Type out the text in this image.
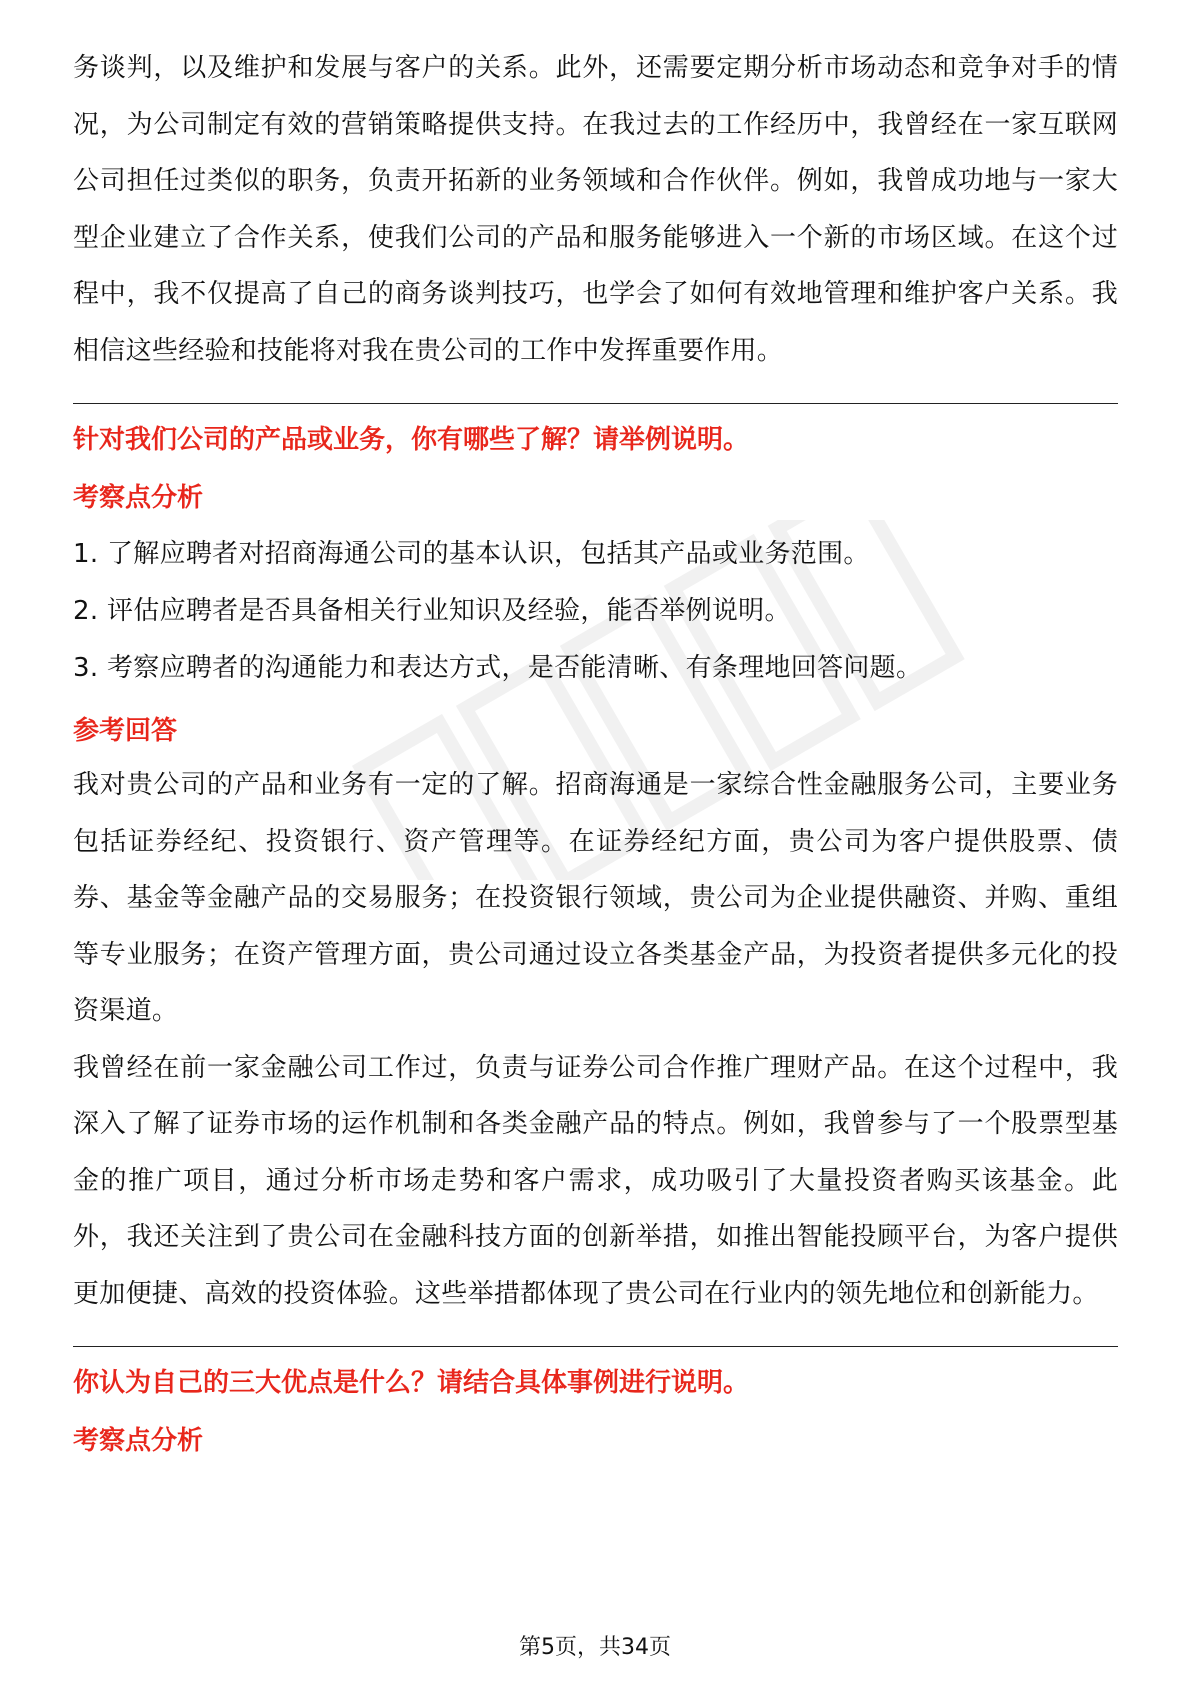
务谈判，以及维护和发展与客户的关系。此外，还需要定期分析市场动态和竞争对手的情况，为公司制定有效的营销策略提供支持。在我过去的工作经历中，我曾经在一家互联网公司担任过类似的职务，负责开拓新的业务领域和合作伙伴。例如，我曾成功地与一家大型企业建立了合作关系，使我们公司的产品和服务能够进入一个新的市场区域。在这个过程中，我不仅提高了自己的商务谈判技巧，也学会了如何有效地管理和维护客户关系。我相信这些经验和技能将对我在贵公司的工作中发挥重要作用。

针对我们公司的产品或业务，你有哪些了解？请举例说明。

考察点分析

1. 了解应聘者对招商海通公司的基本认识，包括其产品或业务范围。
2. 评估应聘者是否具备相关行业知识及经验，能否举例说明。
3. 考察应聘者的沟通能力和表达方式，是否能清晰、有条理地回答问题。

参考回答

我对贵公司的产品和业务有一定的了解。招商海通是一家综合性金融服务公司，主要业务包括证券经纪、投资银行、资产管理等。在证券经纪方面，贵公司为客户提供股票、债券、基金等金融产品的交易服务；在投资银行领域，贵公司为企业提供融资、并购、重组等专业服务；在资产管理方面，贵公司通过设立各类基金产品，为投资者提供多元化的投资渠道。

我曾经在前一家金融公司工作过，负责与证券公司合作推广理财产品。在这个过程中，我深入了解了证券市场的运作机制和各类金融产品的特点。例如，我曾参与了一个股票型基金的推广项目，通过分析市场走势和客户需求，成功吸引了大量投资者购买该基金。此外，我还关注到了贵公司在金融科技方面的创新举措，如推出智能投顾平台，为客户提供更加便捷、高效的投资体验。这些举措都体现了贵公司在行业内的领先地位和创新能力。

你认为自己的三大优点是什么？请结合具体事例进行说明。

考察点分析

第5页，共34页
